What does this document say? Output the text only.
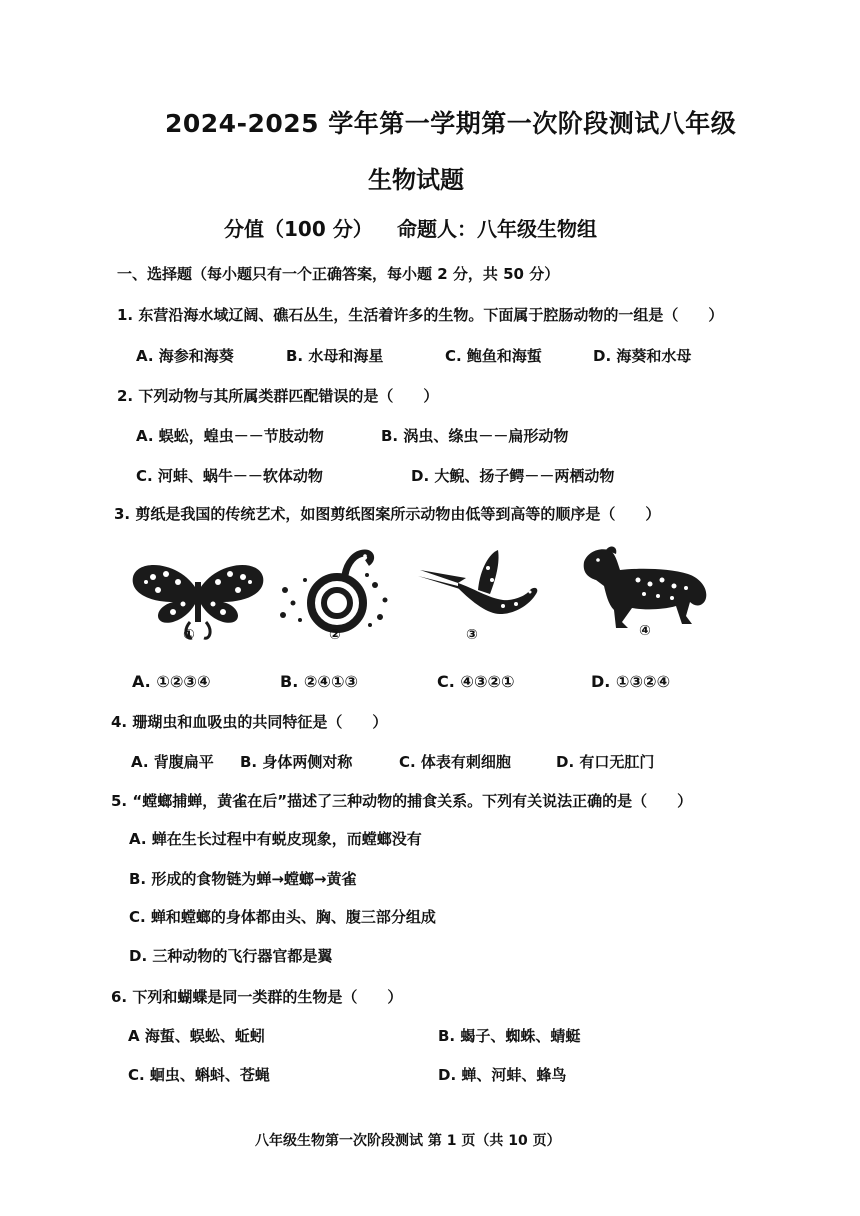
2024-2025 学年第一学期第一次阶段测试八年级
生物试题
分值（100 分） 命题人：八年级生物组
一、选择题（每小题只有一个正确答案，每小题 2 分，共 50 分）
1. 东营沿海水域辽阔、礁石丛生，生活着许多的生物。下面属于腔肠动物的一组是（　　）
A. 海参和海葵	B. 水母和海星	C. 鲍鱼和海蜇	D. 海葵和水母
2. 下列动物与其所属类群匹配错误的是（　　）
A. 蜈蚣，蝗虫－－节肢动物	B. 涡虫、绦虫－－扁形动物
C. 河蚌、蜗牛－－软体动物	D. 大鲵、扬子鳄－－两栖动物
3. 剪纸是我国的传统艺术，如图剪纸图案所示动物由低等到高等的顺序是（　　）
①	②	③	④
A. ①②③④	B. ②④①③	C. ④③②①	D. ①③②④
4. 珊瑚虫和血吸虫的共同特征是（　　）
A. 背腹扁平 B. 身体两侧对称	C. 体表有刺细胞	D. 有口无肛门
5. “螳螂捕蝉，黄雀在后”描述了三种动物的捕食关系。下列有关说法正确的是（　　）
A. 蝉在生长过程中有蜕皮现象，而螳螂没有
B. 形成的食物链为蝉→螳螂→黄雀
C. 蝉和螳螂的身体都由头、胸、腹三部分组成
D. 三种动物的飞行器官都是翼
6. 下列和蝴蝶是同一类群的生物是（　　）
A 海蜇、蜈蚣、蚯蚓	B. 蝎子、蜘蛛、蜻蜓
C. 蛔虫、蝌蚪、苍蝇	D. 蝉、河蚌、蜂鸟
八年级生物第一次阶段测试 第 1 页（共 10 页）
